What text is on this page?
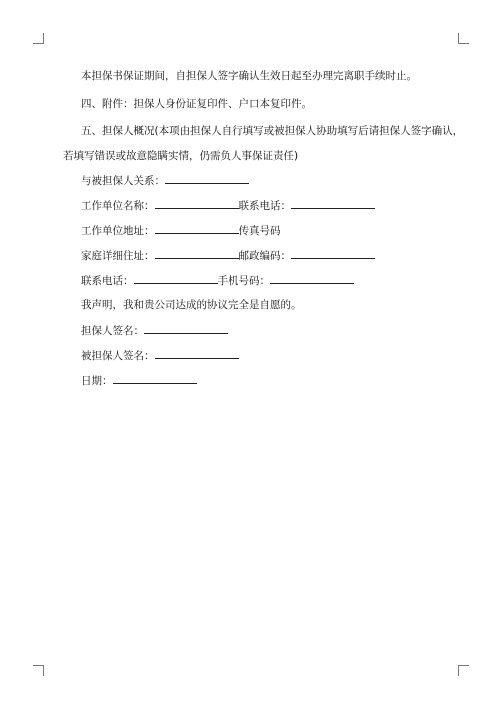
本担保书保证期间，自担保人签字确认生效日起至办理完离职手续时止。
四、附件：担保人身份证复印件、户口本复印件。
五、担保人概况(本项由担保人自行填写或被担保人协助填写后请担保人签字确认，
若填写错误或故意隐瞒实情，仍需负人事保证责任)
与被担保人关系：
工作单位名称：	联系电话：
工作单位地址：	传真号码
家庭详细住址：	邮政编码：
联系电话：	手机号码：
我声明，我和贵公司达成的协议完全是自愿的。
担保人签名：
被担保人签名：
日期：
